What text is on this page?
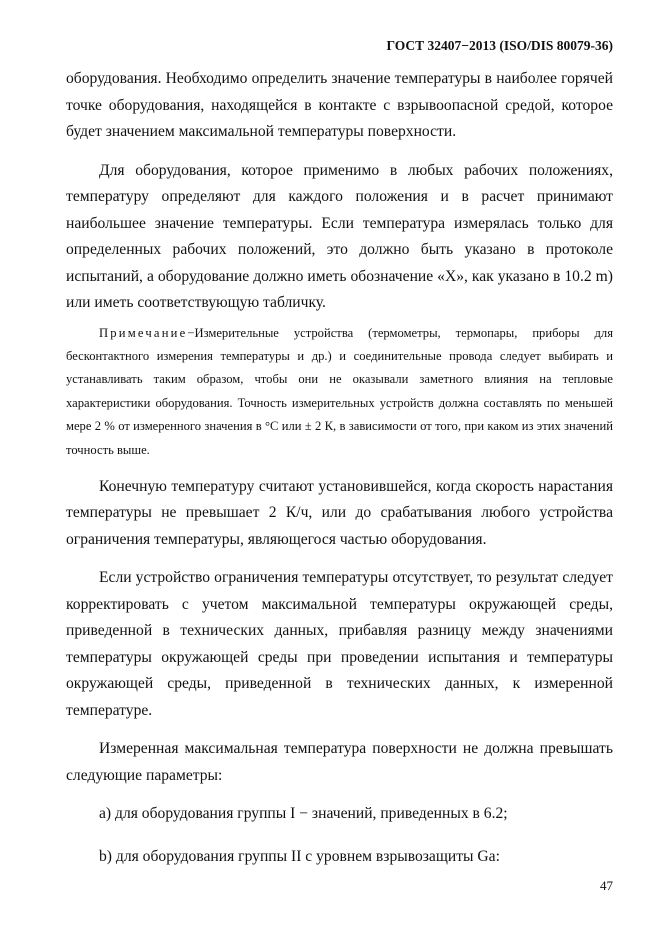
ГОСТ 32407−2013 (ISO/DIS 80079-36)

оборудования. Необходимо определить значение температуры в наиболее горячей точке оборудования, находящейся в контакте с взрывоопасной средой, которое будет значением максимальной температуры поверхности.

Для оборудования, которое применимо в любых рабочих положениях, температуру определяют для каждого положения и в расчет принимают наибольшее значение температуры. Если температура измерялась только для определенных рабочих положений, это должно быть указано в протоколе испытаний, а оборудование должно иметь обозначение «X», как указано в 10.2 m) или иметь соответствующую табличку.

Примечание−Измерительные устройства (термометры, термопары, приборы для бесконтактного измерения температуры и др.) и соединительные провода следует выбирать и устанавливать таким образом, чтобы они не оказывали заметного влияния на тепловые характеристики оборудования. Точность измерительных устройств должна составлять по меньшей мере 2 % от измеренного значения в °С или ± 2 К, в зависимости от того, при каком из этих значений точность выше.

Конечную температуру считают установившейся, когда скорость нарастания температуры не превышает 2 К/ч, или до срабатывания любого устройства ограничения температуры, являющегося частью оборудования.

Если устройство ограничения температуры отсутствует, то результат следует корректировать с учетом максимальной температуры окружающей среды, приведенной в технических данных, прибавляя разницу между значениями температуры окружающей среды при проведении испытания и температуры окружающей среды, приведенной в технических данных, к измеренной температуре.

Измеренная максимальная температура поверхности не должна превышать следующие параметры:

a) для оборудования группы I − значений, приведенных в 6.2;

b) для оборудования группы II с уровнем взрывозащиты Ga:

47
